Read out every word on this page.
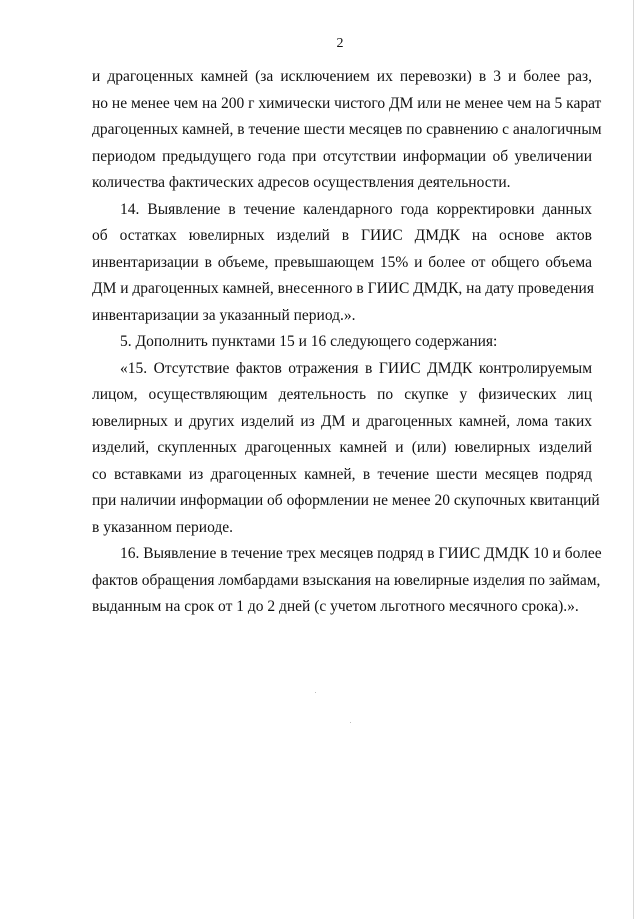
2
и драгоценных камней (за исключением их перевозки) в 3 и более раз,
но не менее чем на 200 г химически чистого ДМ или не менее чем на 5 карат
драгоценных камней, в течение шести месяцев по сравнению с аналогичным
периодом предыдущего года при отсутствии информации об увеличении
количества фактических адресов осуществления деятельности.
14. Выявление в течение календарного года корректировки данных
об остатках ювелирных изделий в ГИИС ДМДК на основе актов
инвентаризации в объеме, превышающем 15% и более от общего объема
ДМ и драгоценных камней, внесенного в ГИИС ДМДК, на дату проведения
инвентаризации за указанный период.».
5. Дополнить пунктами 15 и 16 следующего содержания:
«15. Отсутствие фактов отражения в ГИИС ДМДК контролируемым
лицом, осуществляющим деятельность по скупке у физических лиц
ювелирных и других изделий из ДМ и драгоценных камней, лома таких
изделий, скупленных драгоценных камней и (или) ювелирных изделий
со вставками из драгоценных камней, в течение шести месяцев подряд
при наличии информации об оформлении не менее 20 скупочных квитанций
в указанном периоде.
16. Выявление в течение трех месяцев подряд в ГИИС ДМДК 10 и более
фактов обращения ломбардами взыскания на ювелирные изделия по займам,
выданным на срок от 1 до 2 дней (с учетом льготного месячного срока).».
